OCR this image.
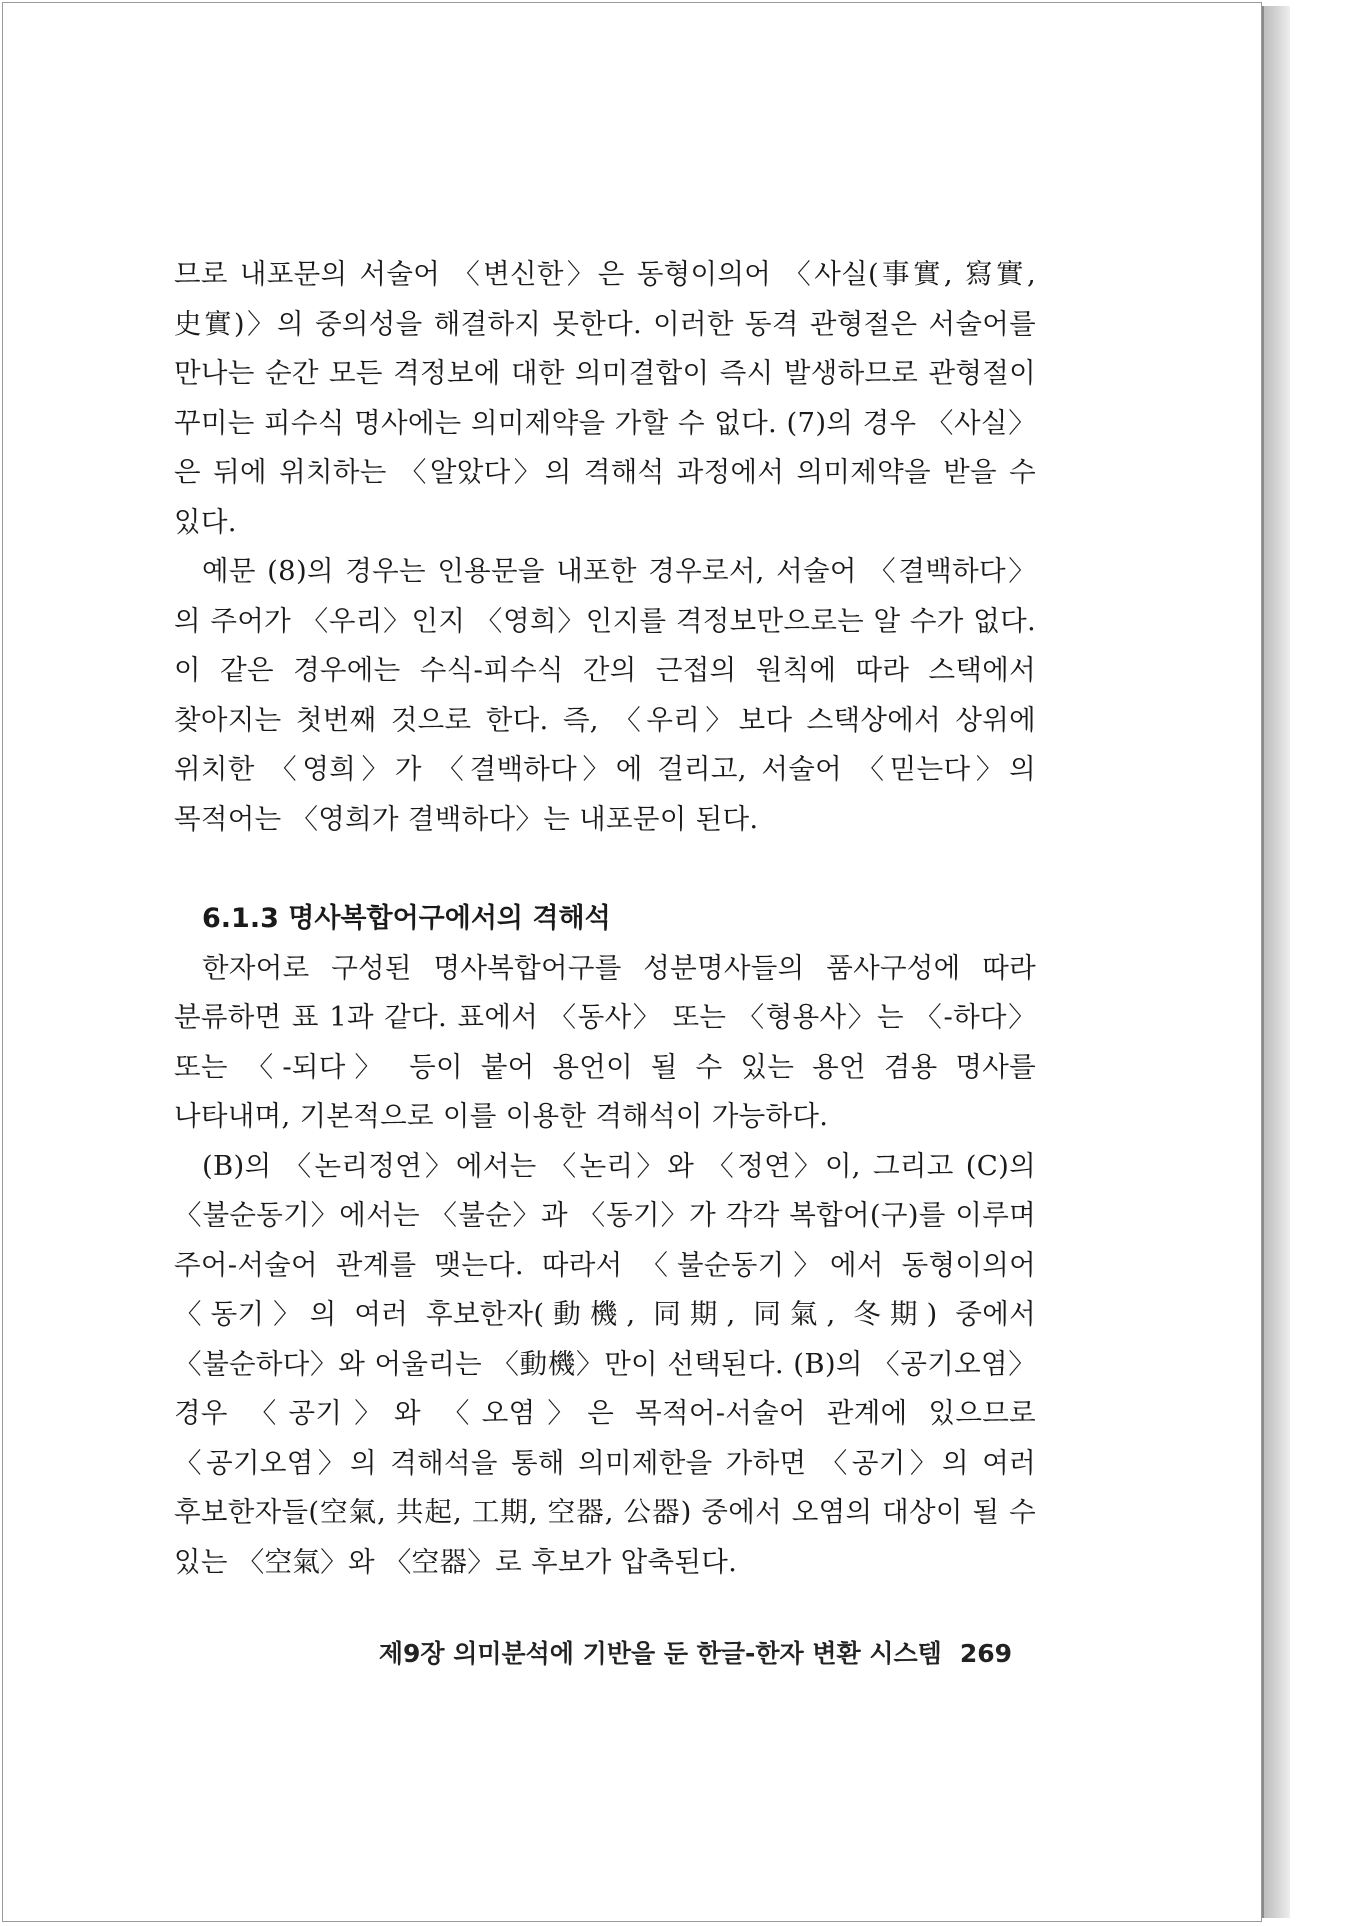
므로 내포문의 서술어 〈변신한〉은 동형이의어 〈사실(事實, 寫實, 史實)〉의 중의성을 해결하지 못한다. 이러한 동격 관형절은 서술어를 만나는 순간 모든 격정보에 대한 의미결합이 즉시 발생하므로 관형절이 꾸미는 피수식 명사에는 의미제약을 가할 수 없다. (7)의 경우 〈사실〉은 뒤에 위치하는 〈알았다〉의 격해석 과정에서 의미제약을 받을 수 있다.

예문 (8)의 경우는 인용문을 내포한 경우로서, 서술어 〈결백하다〉의 주어가 〈우리〉인지 〈영희〉인지를 격정보만으로는 알 수가 없다. 이 같은 경우에는 수식-피수식 간의 근접의 원칙에 따라 스택에서 찾아지는 첫번째 것으로 한다. 즉, 〈우리〉보다 스택상에서 상위에 위치한 〈영희〉가 〈결백하다〉에 걸리고, 서술어 〈믿는다〉의 목적어는 〈영희가 결백하다〉는 내포문이 된다.

6.1.3 명사복합어구에서의 격해석

한자어로 구성된 명사복합어구를 성분명사들의 품사구성에 따라 분류하면 표 1과 같다. 표에서 〈동사〉 또는 〈형용사〉는 〈-하다〉 또는 〈-되다〉 등이 붙어 용언이 될 수 있는 용언 겸용 명사를 나타내며, 기본적으로 이를 이용한 격해석이 가능하다.

(B)의 〈논리정연〉에서는 〈논리〉와 〈정연〉이, 그리고 (C)의 〈불순동기〉에서는 〈불순〉과 〈동기〉가 각각 복합어(구)를 이루며 주어-서술어 관계를 맺는다. 따라서 〈불순동기〉에서 동형이의어 〈동기〉의 여러 후보한자(動機, 同期, 同氣, 冬期) 중에서 〈불순하다〉와 어울리는 〈動機〉만이 선택된다. (B)의 〈공기오염〉 경우 〈공기〉와 〈오염〉은 목적어-서술어 관계에 있으므로 〈공기오염〉의 격해석을 통해 의미제한을 가하면 〈공기〉의 여러 후보한자들(空氣, 共起, 工期, 空器, 公器) 중에서 오염의 대상이 될 수 있는 〈空氣〉와 〈空器〉로 후보가 압축된다.

제9장 의미분석에 기반을 둔 한글-한자 변환 시스템 269
